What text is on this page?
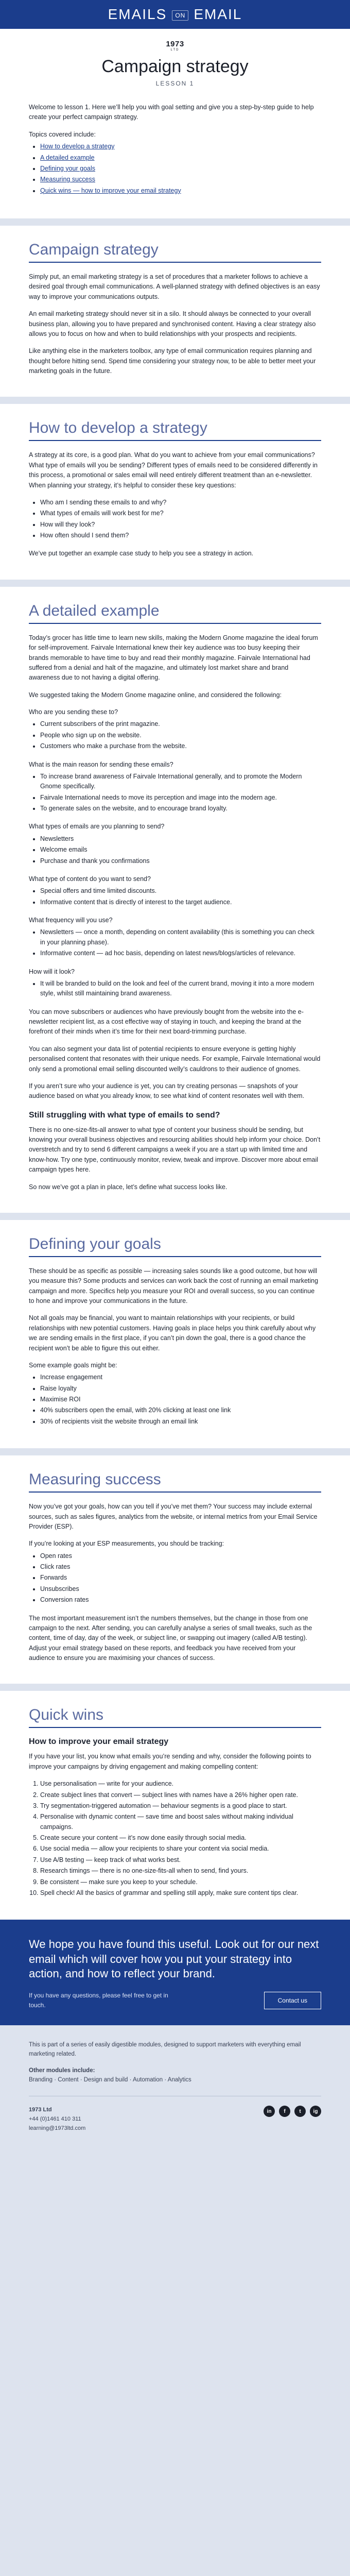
EMAILS ON EMAIL
1973
LTD
Campaign strategy
LESSON 1

Welcome to lesson 1. Here we’ll help you with goal setting and give you a step-by-step guide to help create your perfect campaign strategy.

Topics covered include:

• How to develop a strategy
• A detailed example
• Defining your goals
• Measuring success
• Quick wins — how to improve your email strategy
Campaign strategy

Simply put, an email marketing strategy is a set of procedures that a marketer follows to achieve a desired goal through email communications. A well-planned strategy with defined objectives is an easy way to improve your communications outputs.

An email marketing strategy should never sit in a silo. It should always be connected to your overall business plan, allowing you to have prepared and synchronised content. Having a clear strategy also allows you to focus on how and when to build relationships with your prospects and recipients.

Like anything else in the marketers toolbox, any type of email communication requires planning and thought before hitting send. Spend time considering your strategy now, to be able to better meet your marketing goals in the future.

How to develop a strategy

A strategy at its core, is a good plan. What do you want to achieve from your email communications? What type of emails will you be sending? Different types of emails need to be considered differently in this process, a promotional or sales email will need entirely different treatment than an e-newsletter. When planning your strategy, it’s helpful to consider these key questions:

• Who am I sending these emails to and why?
• What types of emails will work best for me?
• How will they look?
• How often should I send them?

We’ve put together an example case study to help you see a strategy in action.

A detailed example

Today’s grocer has little time to learn new skills, making the Modern Gnome magazine the ideal forum for self-improvement. Fairvale International knew their key audience was too busy keeping their brands memorable to have time to buy and read their monthly magazine. Fairvale International had suffered from a denial and halt of the magazine, and ultimately lost market share and brand awareness due to not having a digital offering.

We suggested taking the Modern Gnome magazine online, and considered the following:

Who are you sending these to?

• Current subscribers of the print magazine.
• People who sign up on the website.
• Customers who make a purchase from the website.

What is the main reason for sending these emails?

• To increase brand awareness of Fairvale International generally, and to promote the Modern Gnome specifically.
• Fairvale International needs to move its perception and image into the modern age.
• To generate sales on the website, and to encourage brand loyalty.

What types of emails are you planning to send?

• Newsletters
• Welcome emails
• Purchase and thank you confirmations

What type of content do you want to send?

• Special offers and time limited discounts.
• Informative content that is directly of interest to the target audience.

What frequency will you use?

• Newsletters — once a month, depending on content availability (this is something you can check in your planning phase).
• Informative content — ad hoc basis, depending on latest news/blogs/articles of relevance.

How will it look?

• It will be branded to build on the look and feel of the current brand, moving it into a more modern style, whilst still maintaining brand awareness.

You can move subscribers or audiences who have previously bought from the website into the e-newsletter recipient list, as a cost effective way of staying in touch, and keeping the brand at the forefront of their minds when it’s time for their next board-trimming purchase.

You can also segment your data list of potential recipients to ensure everyone is getting highly personalised content that resonates with their unique needs. For example, Fairvale International would only send a promotional email selling discounted welly’s cauldrons to their audience of gnomes.

If you aren’t sure who your audience is yet, you can try creating personas — snapshots of your audience based on what you already know, to see what kind of content resonates well with them.

Still struggling with what type of emails to send?

There is no one-size-fits-all answer to what type of content your business should be sending, but knowing your overall business objectives and resourcing abilities should help inform your choice. Don’t overstretch and try to send 6 different campaigns a week if you are a start up with limited time and know-how. Try one type, continuously monitor, review, tweak and improve. Discover more about email campaign types here.

So now we’ve got a plan in place, let’s define what success looks like.

Defining your goals

These should be as specific as possible — increasing sales sounds like a good outcome, but how will you measure this? Some products and services can work back the cost of running an email marketing campaign and more. Specifics help you measure your ROI and overall success, so you can continue to hone and improve your communications in the future.

Not all goals may be financial, you want to maintain relationships with your recipients, or build relationships with new potential customers. Having goals in place helps you think carefully about why we are sending emails in the first place, if you can’t pin down the goal, there is a good chance the recipient won’t be able to figure this out either.

Some example goals might be:

• Increase engagement
• Raise loyalty
• Maximise ROI
• 40% subscribers open the email, with 20% clicking at least one link
• 30% of recipients visit the website through an email link
Measuring success

Now you’ve got your goals, how can you tell if you’ve met them? Your success may include external sources, such as sales figures, analytics from the website, or internal metrics from your Email Service Provider (ESP).

If you’re looking at your ESP measurements, you should be tracking:

• Open rates
• Click rates
• Forwards
• Unsubscribes
• Conversion rates

The most important measurement isn’t the numbers themselves, but the change in those from one campaign to the next. After sending, you can carefully analyse a series of small tweaks, such as the content, time of day, day of the week, or subject line, or swapping out imagery (called A/B testing). Adjust your email strategy based on these reports, and feedback you have received from your audience to ensure you are maximising your chances of success.

Quick wins
How to improve your email strategy

If you have your list, you know what emails you’re sending and why, consider the following points to improve your campaigns by driving engagement and making compelling content:

1. Use personalisation — write for your audience.
2. Create subject lines that convert — subject lines with names have a 26% higher open rate.
3. Try segmentation-triggered automation — behaviour segments is a good place to start.
4. Personalise with dynamic content — save time and boost sales without making individual campaigns.
5. Create secure your content — it’s now done easily through social media.
6. Use social media — allow your recipients to share your content via social media.
7. Use A/B testing — keep track of what works best.
8. Research timings — there is no one-size-fits-all when to send, find yours.
9. Be consistent — make sure you keep to your schedule.
10. Spell check! All the basics of grammar and spelling still apply, make sure content tips clear.
We hope you have found this useful. Look out for our next email which will cover how you put your strategy into action, and how to reflect your brand.

If you have any questions, please feel free to get in touch.

Contact us

This is part of a series of easily digestible modules, designed to support marketers with everything email marketing related.

Other modules include:
Branding · Content · Design and build · Automation · Analytics
1973 Ltd
+44 (0)1461 410 311
learning@1973ltd.com
in	f	t	ig
